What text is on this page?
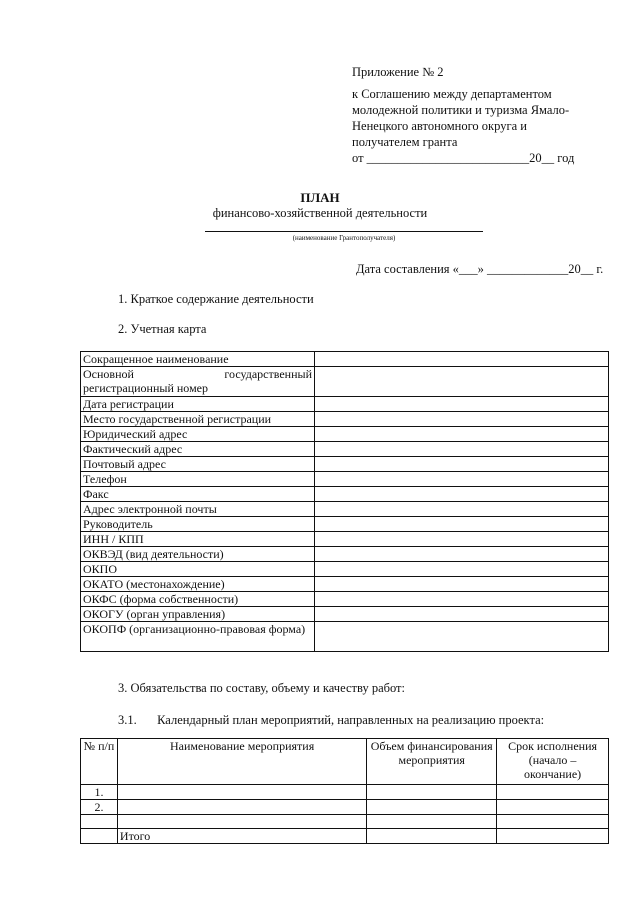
Приложение № 2
к Соглашению между департаментом
молодежной политики и туризма Ямало-
Ненецкого автономного округа и
получателем гранта
от __________________________20__ год
ПЛАН
финансово-хозяйственной деятельности
(наименование Грантополучателя)
Дата составления «___» _____________20__ г.
1. Краткое содержание деятельности
2. Учетная карта
Сокращенное наименование	
Основной государственный регистрационный номер	
Дата регистрации	
Место государственной регистрации	
Юридический адрес	
Фактический адрес	
Почтовый адрес	
Телефон	
Факс	
Адрес электронной почты	
Руководитель	
ИНН / КПП	
ОКВЭД (вид деятельности)	
ОКПО	
ОКАТО (местонахождение)	
ОКФС (форма собственности)	
ОКОГУ (орган управления)	
ОКОПФ (организационно-правовая форма)	
3. Обязательства по составу, объему и качеству работ:
3.1. Календарный план мероприятий, направленных на реализацию проекта:
№ п/п	Наименование мероприятия	Объем финансирования мероприятия	Срок исполнения (начало – окончание)
1.			
2.			

	Итого		
